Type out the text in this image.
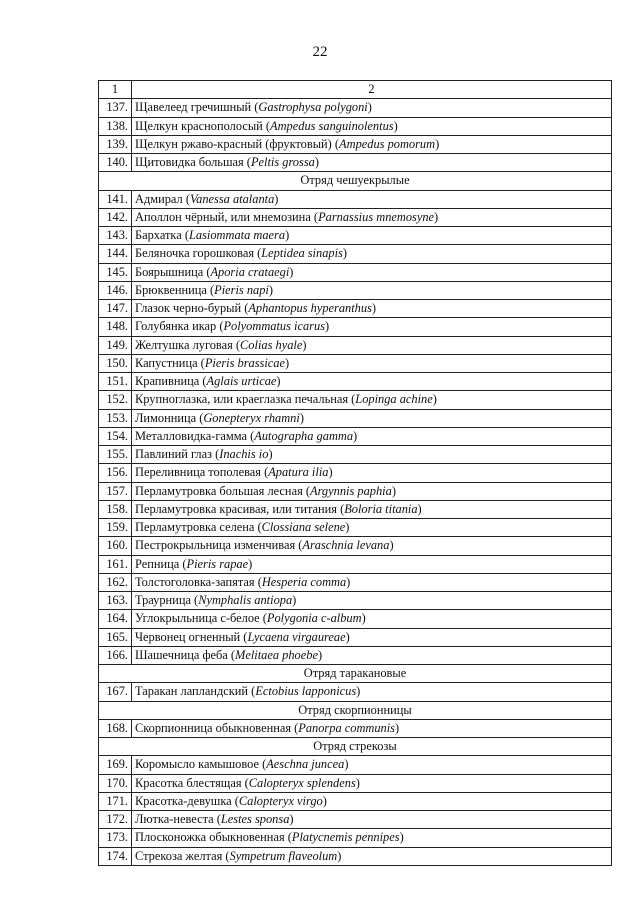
22
1	2
137.	Щавелеед гречишный (Gastrophysa polygoni)
138.	Щелкун краснополосый (Ampedus sanguinolentus)
139.	Щелкун ржаво-красный (фруктовый) (Ampedus pomorum)
140.	Щитовидка большая (Peltis grossa)
Отряд чешуекрылые	
141.	Адмирал (Vanessa atalanta)
142.	Аполлон чёрный, или мнемозина (Parnassius mnemosyne)
143.	Бархатка (Lasiommata maera)
144.	Беляночка горошковая (Leptidea sinapis)
145.	Боярышница (Aporia crataegi)
146.	Брюквенница (Pieris napi)
147.	Глазок черно-бурый (Aphantopus hyperanthus)
148.	Голубянка икар (Polyommatus icarus)
149.	Желтушка луговая (Colias hyale)
150.	Капустница (Pieris brassicae)
151.	Крапивница (Aglais urticae)
152.	Крупноглазка, или краеглазка печальная (Lopinga achine)
153.	Лимонница (Gonepteryx rhamni)
154.	Металловидка-гамма (Autographa gamma)
155.	Павлиний глаз (Inachis io)
156.	Переливница тополевая (Apatura ilia)
157.	Перламутровка большая лесная (Argynnis paphia)
158.	Перламутровка красивая, или титания (Boloria titania)
159.	Перламутровка селена (Clossiana selene)
160.	Пестрокрыльница изменчивая (Araschnia levana)
161.	Репница (Pieris rapae)
162.	Толстоголовка-запятая (Hesperia comma)
163.	Траурница (Nymphalis antiopa)
164.	Углокрыльница с-белое (Polygonia c-album)
165.	Червонец огненный (Lycaena virgaureae)
166.	Шашечница феба (Melitaea phoebe)
Отряд таракановые	
167.	Таракан лапландский (Ectobius lapponicus)
Отряд скорпионницы	
168.	Скорпионница обыкновенная (Panorpa communis)
Отряд стрекозы	
169.	Коромысло камышовое (Aeschna juncea)
170.	Красотка блестящая (Calopteryx splendens)
171.	Красотка-девушка (Calopteryx virgo)
172.	Лютка-невеста (Lestes sponsa)
173.	Плосконожка обыкновенная (Platycnemis pennipes)
174.	Стрекоза желтая (Sympetrum flaveolum)
